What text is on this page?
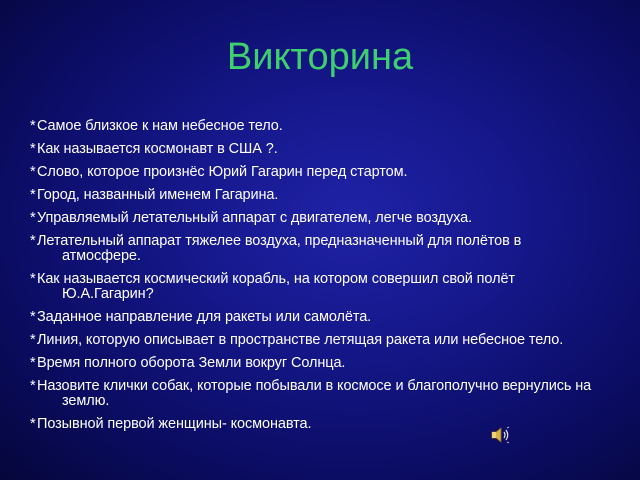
Викторина
*Самое близкое к нам небесное тело.
*Как называется космонавт в США ?.
*Слово, которое произнёс Юрий Гагарин перед стартом.
*Город, названный именем Гагарина.
*Управляемый летательный аппарат с двигателем, легче воздуха.
*Летательный аппарат тяжелее воздуха, предназначенный для полётов в атмосфере.
*Как называется космический корабль, на котором совершил свой полёт Ю.А.Гагарин?
*Заданное направление для ракеты или самолёта.
*Линия, которую описывает в пространстве летящая ракета или небесное тело.
*Время полного оборота Земли вокруг Солнца.
*Назовите клички собак, которые побывали в космосе и благополучно вернулись на землю.
*Позывной первой женщины- космонавта.
